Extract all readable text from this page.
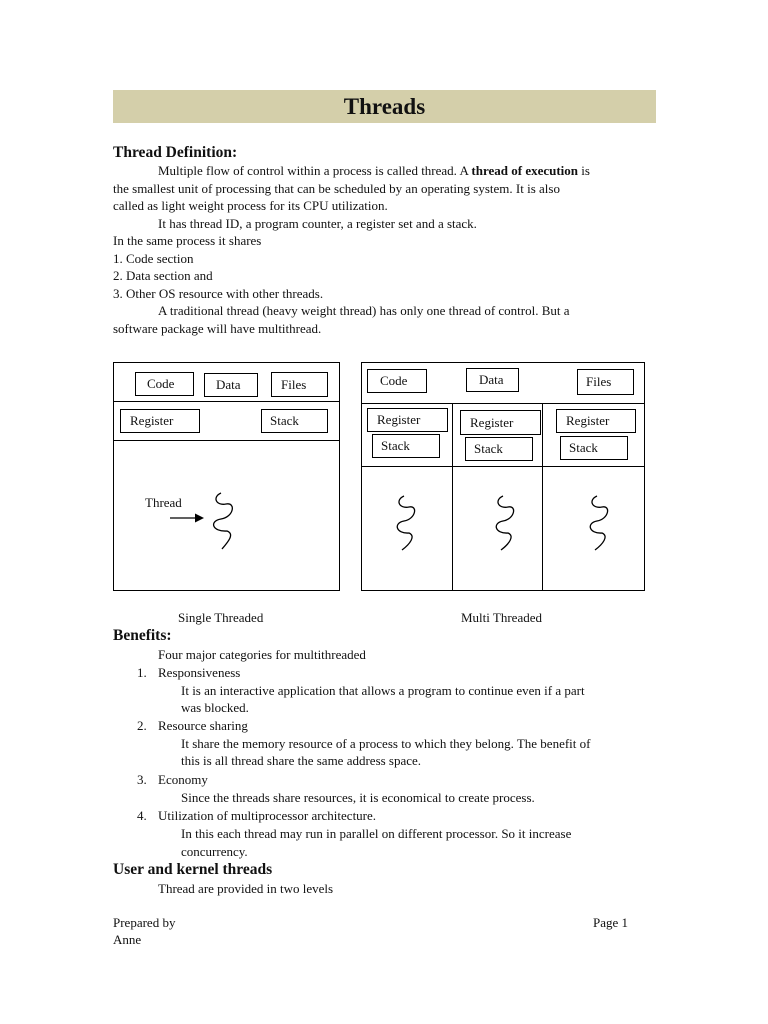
Threads
Thread Definition:
Multiple flow of control within a process is called thread. A thread of execution is
the smallest unit of processing that can be scheduled by an operating system. It is also
called as light weight process for its CPU utilization.
It has thread ID, a program counter, a register set and a stack.
In the same process it shares
1. Code section
2. Data section and
3. Other OS resource with other threads.
A traditional thread (heavy weight thread) has only one thread of control. But a
software package will have multithread.
Code	Data	Files
Register	Stack
Thread
Code	Data	Files
Register
Stack
Register
Stack
Register
Stack
Single Threaded	Multi Threaded
Benefits:
Four major categories for multithreaded
1. Responsiveness
It is an interactive application that allows a program to continue even if a part
was blocked.
2. Resource sharing
It share the memory resource of a process to which they belong. The benefit of
this is all thread share the same address space.
3. Economy
Since the threads share resources, it is economical to create process.
4. Utilization of multiprocessor architecture.
In this each thread may run in parallel on different processor. So it increase
concurrency.
User and kernel threads
Thread are provided in two levels
Prepared by
Anne
Page 1
